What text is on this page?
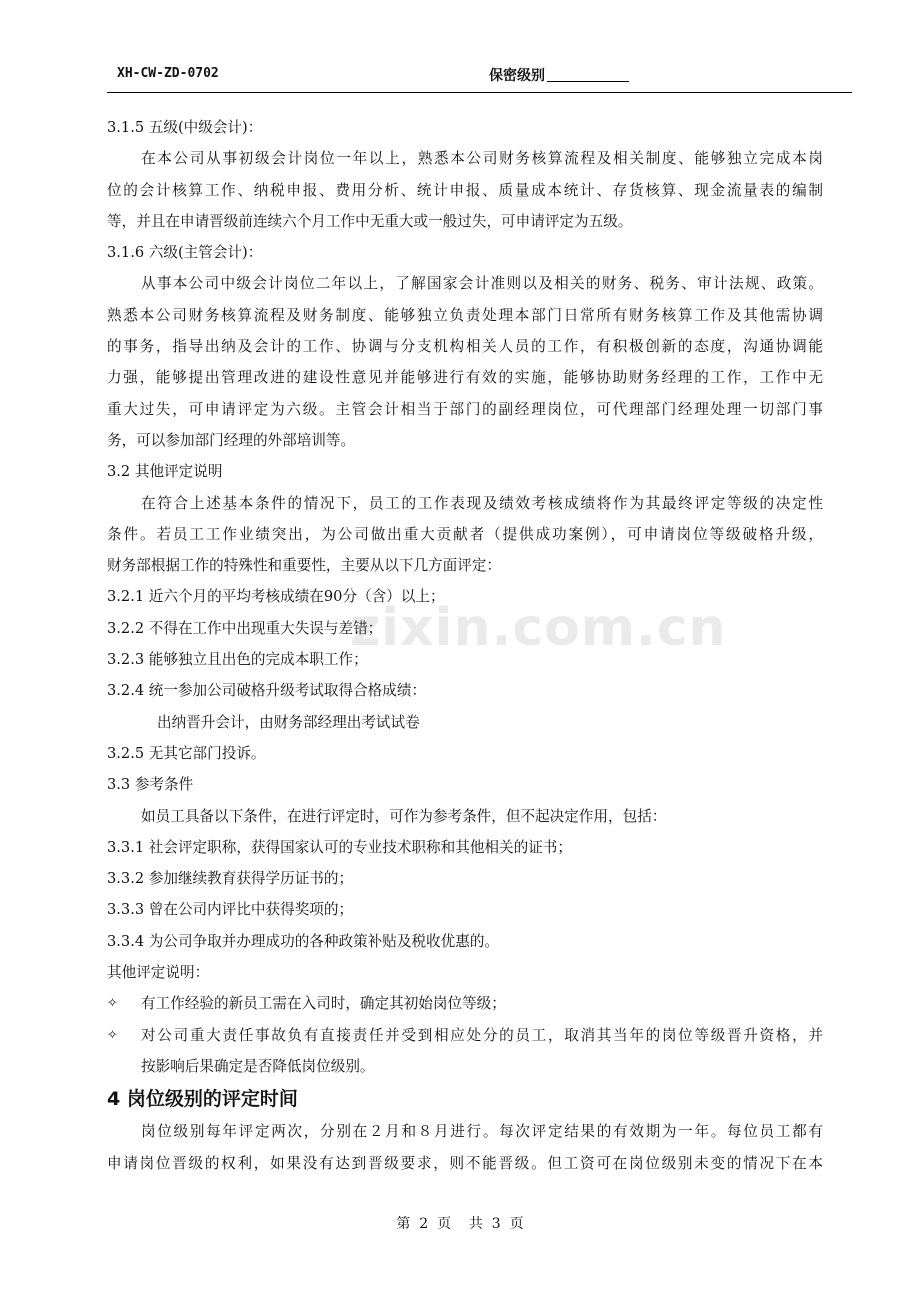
XH-CW-ZD-0702	保密级别
zixin.com.cn
3.1.5 五级(中级会计)：
在本公司从事初级会计岗位一年以上，熟悉本公司财务核算流程及相关制度、能够独立完成本岗
位的会计核算工作、纳税申报、费用分析、统计申报、质量成本统计、存货核算、现金流量表的编制
等，并且在申请晋级前连续六个月工作中无重大或一般过失，可申请评定为五级。
3.1.6 六级(主管会计)：
从事本公司中级会计岗位二年以上，了解国家会计准则以及相关的财务、税务、审计法规、政策。
熟悉本公司财务核算流程及财务制度、能够独立负责处理本部门日常所有财务核算工作及其他需协调
的事务，指导出纳及会计的工作、协调与分支机构相关人员的工作，有积极创新的态度，沟通协调能
力强，能够提出管理改进的建设性意见并能够进行有效的实施，能够协助财务经理的工作，工作中无
重大过失，可申请评定为六级。主管会计相当于部门的副经理岗位，可代理部门经理处理一切部门事
务，可以参加部门经理的外部培训等。
3.2 其他评定说明
在符合上述基本条件的情况下，员工的工作表现及绩效考核成绩将作为其最终评定等级的决定性
条件。若员工工作业绩突出，为公司做出重大贡献者（提供成功案例），可申请岗位等级破格升级，
财务部根据工作的特殊性和重要性，主要从以下几方面评定：
3.2.1 近六个月的平均考核成绩在90分（含）以上；
3.2.2 不得在工作中出现重大失误与差错；
3.2.3 能够独立且出色的完成本职工作；
3.2.4 统一参加公司破格升级考试取得合格成绩：
出纳晋升会计，由财务部经理出考试试卷
3.2.5 无其它部门投诉。
3.3 参考条件
如员工具备以下条件，在进行评定时，可作为参考条件，但不起决定作用，包括：
3.3.1 社会评定职称，获得国家认可的专业技术职称和其他相关的证书；
3.3.2 参加继续教育获得学历证书的；
3.3.3 曾在公司内评比中获得奖项的；
3.3.4 为公司争取并办理成功的各种政策补贴及税收优惠的。
其他评定说明：
✧ 有工作经验的新员工需在入司时，确定其初始岗位等级；
✧ 对公司重大责任事故负有直接责任并受到相应处分的员工，取消其当年的岗位等级晋升资格，并
按影响后果确定是否降低岗位级别。
4 岗位级别的评定时间
岗位级别每年评定两次，分别在２月和８月进行。每次评定结果的有效期为一年。每位员工都有
申请岗位晋级的权利，如果没有达到晋级要求，则不能晋级。但工资可在岗位级别未变的情况下在本
第  2  页    共  3  页
